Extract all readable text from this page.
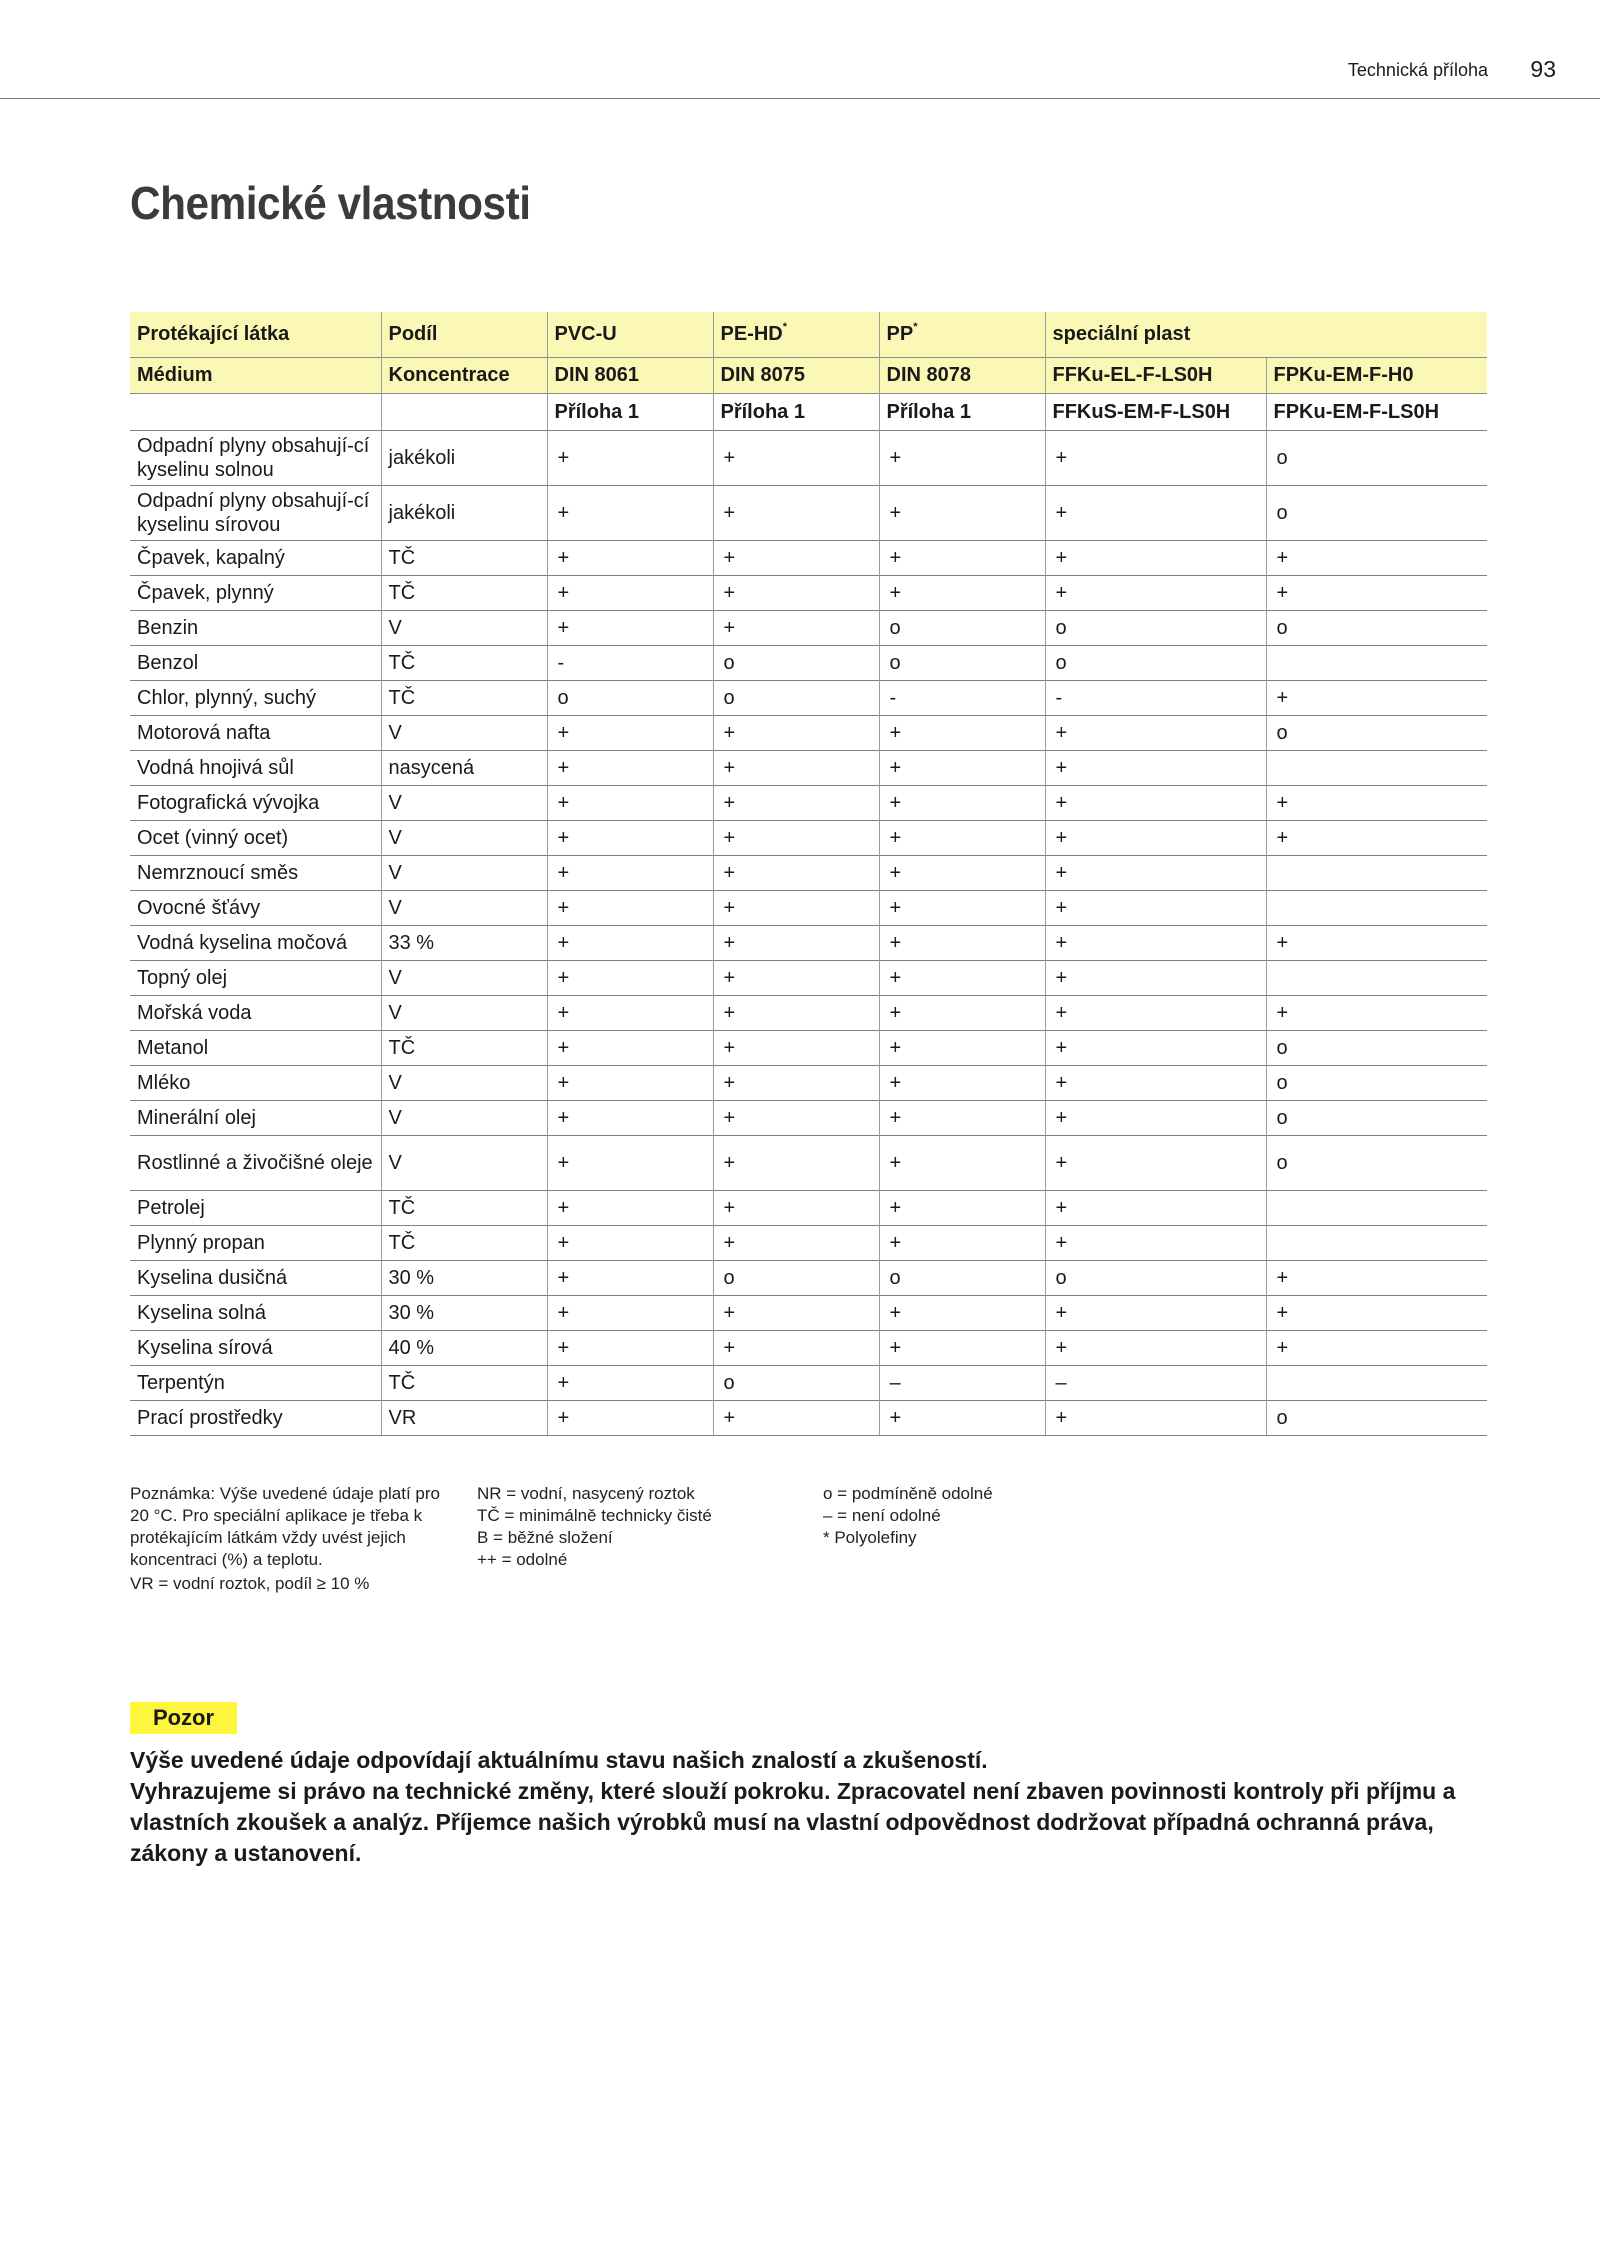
Technická příloha 93
Chemické vlastnosti
Protékající látka	Podíl	PVC-U	PE-HD*	PP*	speciální plast	
Médium	Koncentrace	DIN 8061	DIN 8075	DIN 8078	FFKu-EL-F-LS0H	FPKu-EM-F-H0
		Příloha 1	Příloha 1	Příloha 1	FFKuS-EM-F-LS0H	FPKu-EM-F-LS0H
Odpadní plyny obsahují-cí kyselinu solnou	jakékoli	+	+	+	+	o
Odpadní plyny obsahují-cí kyselinu sírovou	jakékoli	+	+	+	+	o
Čpavek, kapalný	TČ	+	+	+	+	+
Čpavek, plynný	TČ	+	+	+	+	+
Benzin	V	+	+	o	o	o
Benzol	TČ	-	o	o	o	
Chlor, plynný, suchý	TČ	o	o	-	-	+
Motorová nafta	V	+	+	+	+	o
Vodná hnojivá sůl	nasycená	+	+	+	+	
Fotografická vývojka	V	+	+	+	+	+
Ocet (vinný ocet)	V	+	+	+	+	+
Nemrznoucí směs	V	+	+	+	+	
Ovocné šťávy	V	+	+	+	+	
Vodná kyselina močová	33 %	+	+	+	+	+
Topný olej	V	+	+	+	+	
Mořská voda	V	+	+	+	+	+
Metanol	TČ	+	+	+	+	o
Mléko	V	+	+	+	+	o
Minerální olej	V	+	+	+	+	o
Rostlinné a živočišné oleje	V	+	+	+	+	o
Petrolej	TČ	+	+	+	+	
Plynný propan	TČ	+	+	+	+	
Kyselina dusičná	30 %	+	o	o	o	+
Kyselina solná	30 %	+	+	+	+	+
Kyselina sírová	40 %	+	+	+	+	+
Terpentýn	TČ	+	o	–	–	
Prací prostředky	VR	+	+	+	+	o

Poznámka: Výše uvedené údaje platí pro 20 °C. Pro speciální aplikace je třeba k protékajícím látkám vždy uvést jejich koncentraci (%) a teplotu.

VR = vodní roztok, podíl ≥ 10 %

NR = vodní, nasycený roztok

TČ = minimálně technicky čisté

B = běžné složení

++ = odolné

o = podmíněně odolné

– = není odolné

* Polyolefiny

Pozor

Výše uvedené údaje odpovídají aktuálnímu stavu našich znalostí a zkušeností.
Vyhrazujeme si právo na technické změny, které slouží pokroku. Zpracovatel není zbaven povinnosti kontroly při příjmu a vlastních zkoušek a analýz. Příjemce našich výrobků musí na vlastní odpovědnost dodržovat případná ochranná práva, zákony a ustanovení.
